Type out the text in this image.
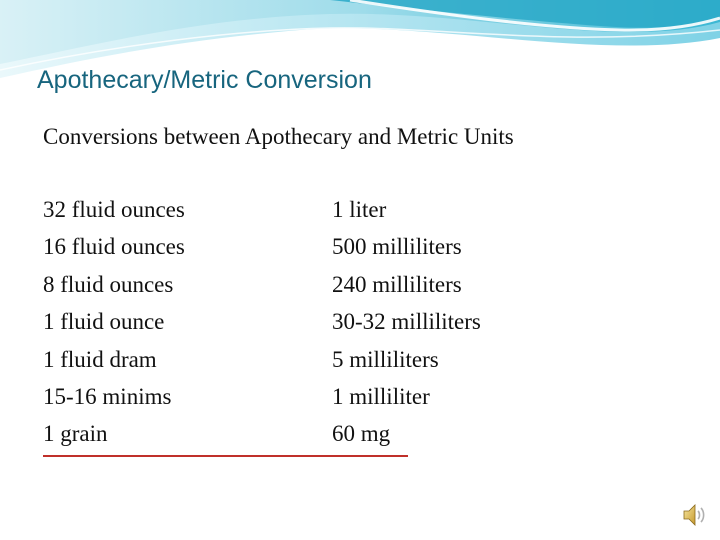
Apothecary/Metric Conversion

Conversions between Apothecary and Metric Units

32 fluid ounces	1 liter
16 fluid ounces	500 milliliters
8 fluid ounces	240 milliliters
1 fluid ounce	30-32 milliliters
1 fluid dram	5 milliliters
15-16 minims	1 milliliter
1 grain	60 mg
